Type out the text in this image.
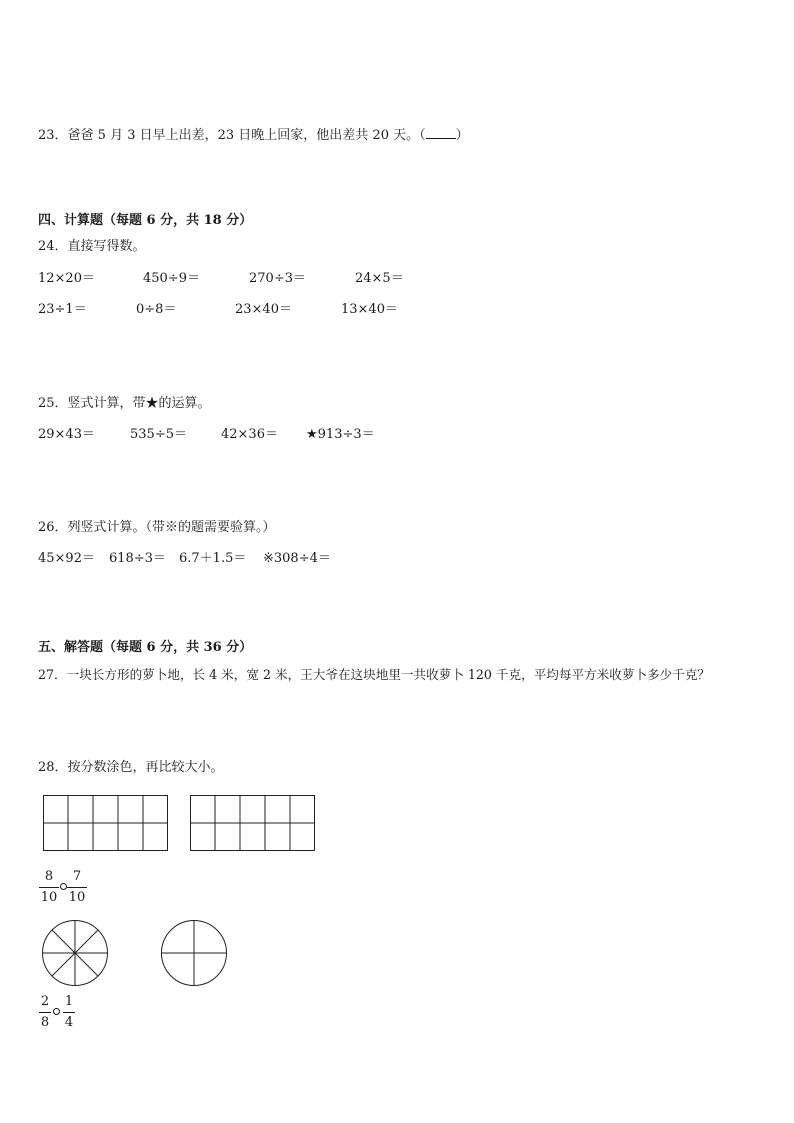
23．爸爸 5 月 3 日早上出差，23 日晚上回家，他出差共 20 天。（ ）
四、计算题（每题 6 分，共 18 分）
24．直接写得数。
12×20＝	450÷9＝	270÷3＝	24×5＝
23÷1＝	0÷8＝	23×40＝	13×40＝
25．竖式计算，带★的运算。
29×43＝	535÷5＝	42×36＝ ★913÷3＝
26．列竖式计算。（带※的题需要验算。）
45×92＝ 618÷3＝ 6.7＋1.5＝ ※308÷4＝
五、解答题（每题 6 分，共 36 分）
27．一块长方形的萝卜地，长 4 米，宽 2 米，王大爷在这块地里一共收萝卜 120 千克，平均每平方米收萝卜多少千克？
28．按分数涂色，再比较大小。
8
10
7
10
2
8
1
4
